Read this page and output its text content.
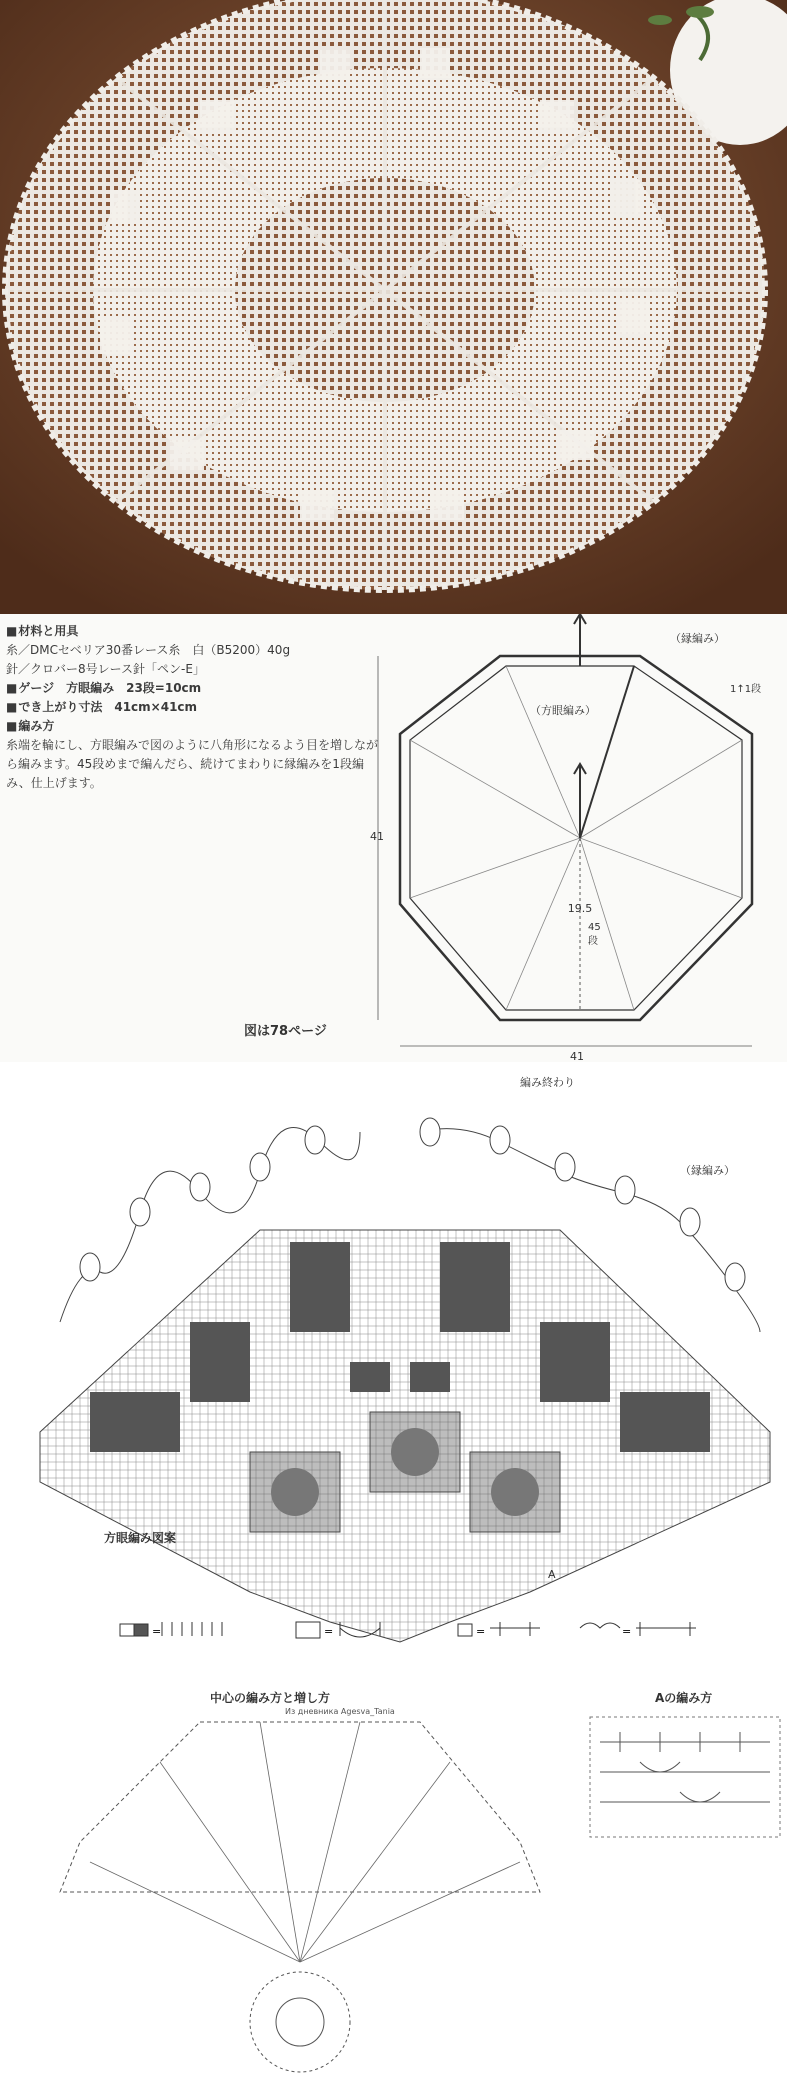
■ 材料と用具

糸／DMCセベリア30番レース糸　白（B5200）40g

針／クロバー8号レース針「ペン-E」

■ ゲージ　方眼編み　23段=10cm

■ でき上がり寸法　41cm×41cm

■ 編み方

糸端を輪にし、方眼編みで図のように八角形になるよう目を増しながら編みます。45段めまで編んだら、続けてまわりに縁編みを1段編み、仕上げます。

図は78ページ
41
41
（縁編み）
（方眼編み）
1↑1段
19.5
45
段
編み終わり
（縁編み）
方眼編み図案
A
=	=	=	=
中心の編み方と増し方
Из дневника Agesva_Tania
Aの編み方
